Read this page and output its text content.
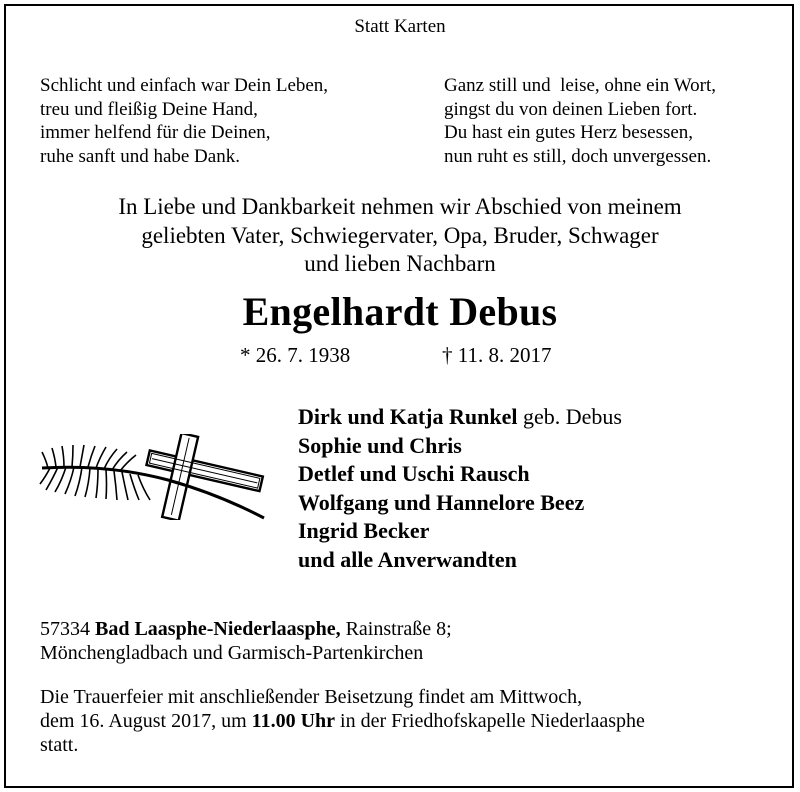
Statt Karten
Schlicht und einfach war Dein Leben,
treu und fleißig Deine Hand,
immer helfend für die Deinen,
ruhe sanft und habe Dank.
Ganz still und  leise, ohne ein Wort,
gingst du von deinen Lieben fort.
Du hast ein gutes Herz besessen,
nun ruht es still, doch unvergessen.
In Liebe und Dankbarkeit nehmen wir Abschied von meinem
geliebten Vater, Schwiegervater, Opa, Bruder, Schwager
und lieben Nachbarn
Engelhardt Debus
* 26. 7. 1938	† 11. 8. 2017
Dirk und Katja Runkel geb. Debus
Sophie und Chris
Detlef und Uschi Rausch
Wolfgang und Hannelore Beez
Ingrid Becker
und alle Anverwandten
57334 Bad Laasphe-Niederlaasphe, Rainstraße 8;
Mönchengladbach und Garmisch-Partenkirchen
Die Trauerfeier mit anschließender Beisetzung findet am Mittwoch,
dem 16. August 2017, um 11.00 Uhr in der Friedhofskapelle Niederlaasphe
statt.
